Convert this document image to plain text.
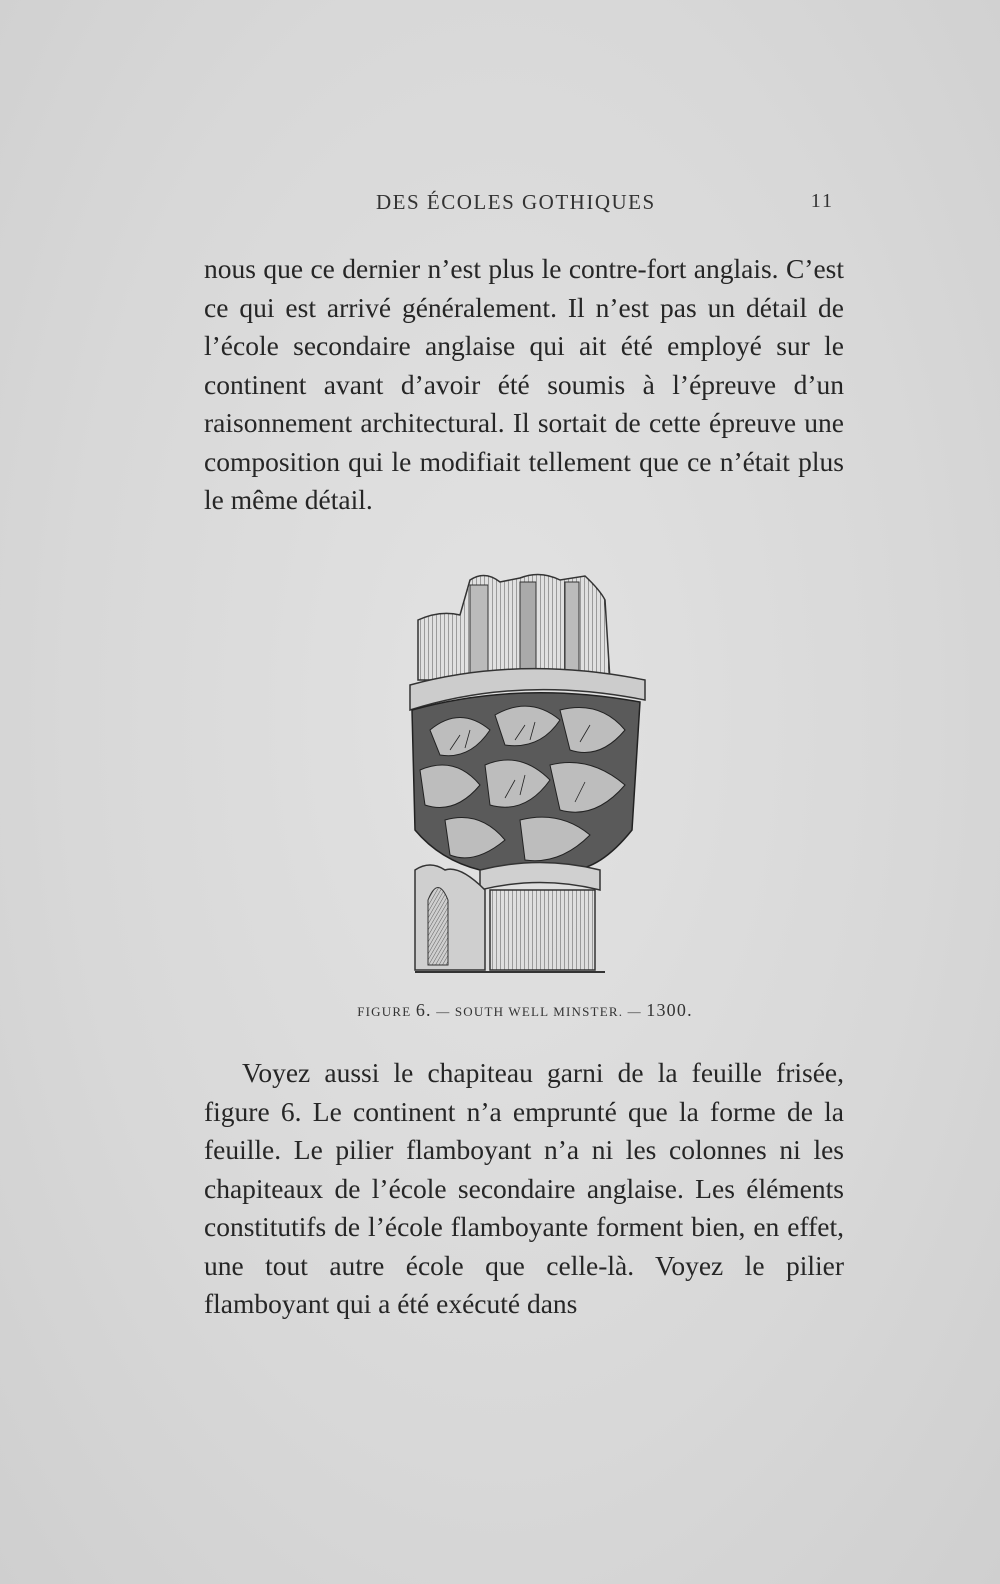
DES ÉCOLES GOTHIQUES	11

nous que ce dernier n’est plus le contre-fort anglais. C’est ce qui est arrivé généralement. Il n’est pas un détail de l’école secondaire anglaise qui ait été employé sur le continent avant d’avoir été soumis à l’épreuve d’un raisonnement architectural. Il sortait de cette épreuve une composition qui le modifiait tellement que ce n’était plus le même détail.

FIGURE 6. — SOUTH WELL MINSTER. — 1300.

Voyez aussi le chapiteau garni de la feuille frisée, figure 6. Le continent n’a emprunté que la forme de la feuille. Le pilier flamboyant n’a ni les colonnes ni les chapiteaux de l’école secondaire anglaise. Les éléments constitutifs de l’école flamboyante forment bien, en effet, une tout autre école que celle-là. Voyez le pilier flamboyant qui a été exécuté dans
